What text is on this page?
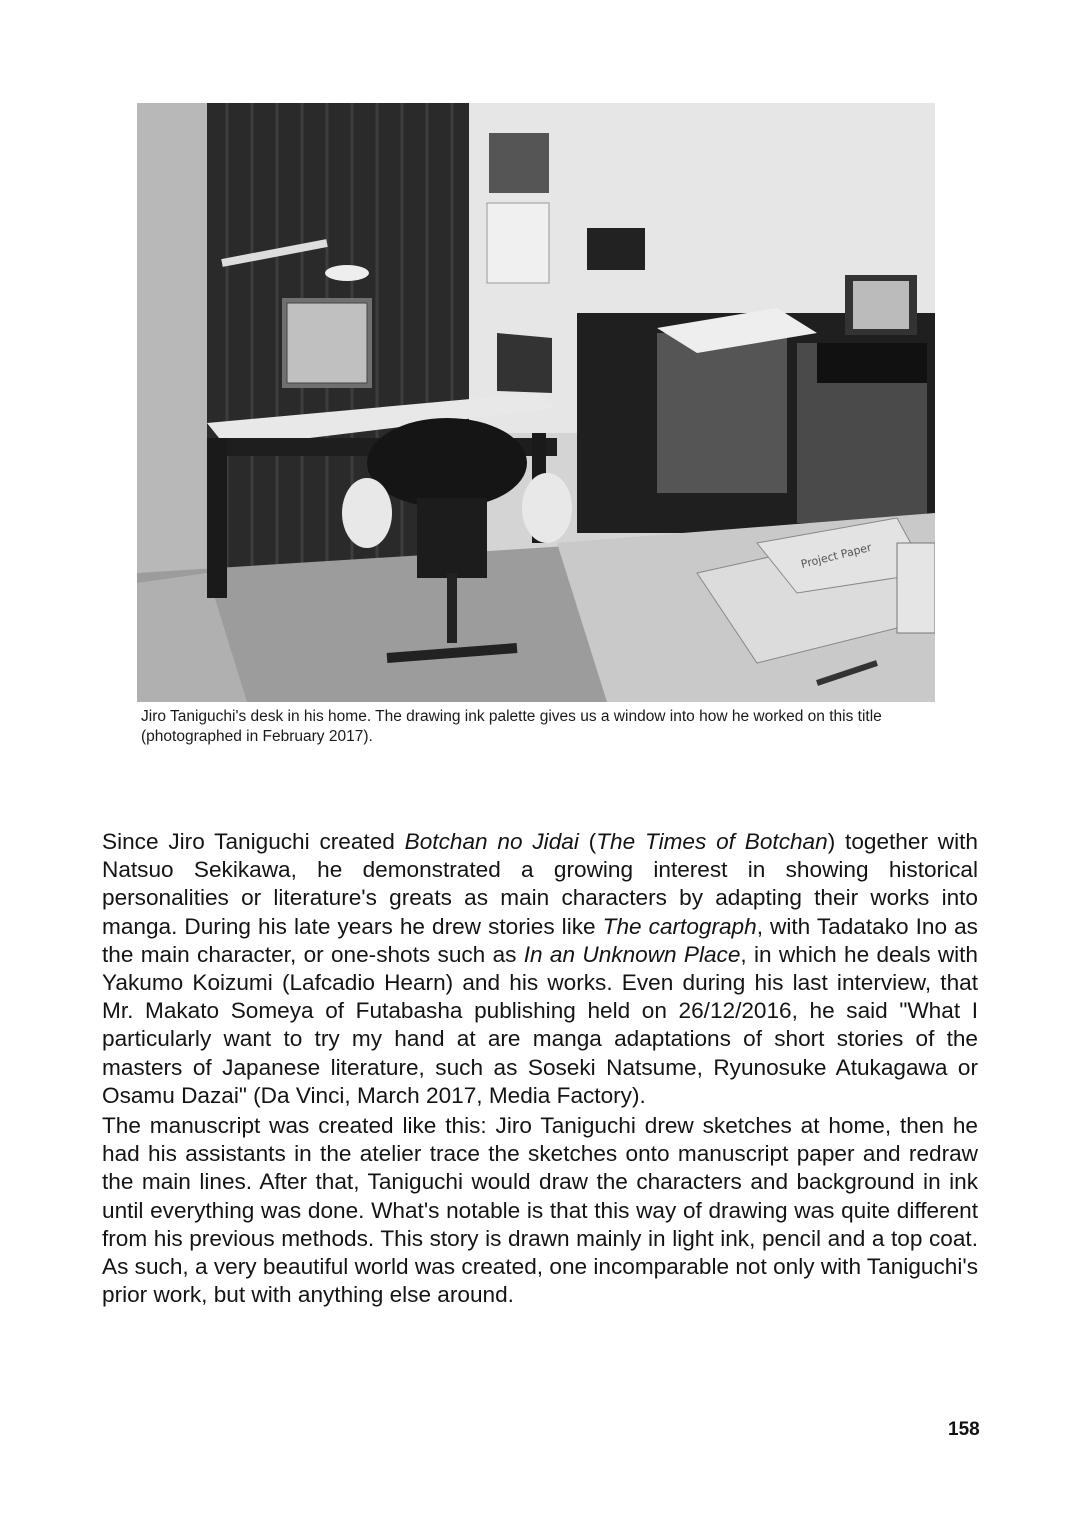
Project Paper

Jiro Taniguchi's desk in his home. The drawing ink palette gives us a window into how he worked on this title (photographed in February 2017).

Since Jiro Taniguchi created Botchan no Jidai (The Times of Botchan) together with Natsuo Sekikawa, he demonstrated a growing interest in showing historical personalities or literature's greats as main characters by adapting their works into manga. During his late years he drew stories like The cartograph, with Tadatako Ino as the main character, or one-shots such as In an Unknown Place, in which he deals with Yakumo Koizumi (Lafcadio Hearn) and his works. Even during his last interview, that Mr. Makato Someya of Futabasha publishing held on 26/12/2016, he said "What I particularly want to try my hand at are manga adaptations of short stories of the masters of Japanese literature, such as Soseki Natsume, Ryunosuke Atukagawa or Osamu Dazai" (Da Vinci, March 2017, Media Factory).

The manuscript was created like this: Jiro Taniguchi drew sketches at home, then he had his assistants in the atelier trace the sketches onto manuscript paper and redraw the main lines. After that, Taniguchi would draw the characters and background in ink until everything was done. What's notable is that this way of drawing was quite different from his previous methods. This story is drawn mainly in light ink, pencil and a top coat. As such, a very beautiful world was created, one incomparable not only with Taniguchi's prior work, but with anything else around.

158
